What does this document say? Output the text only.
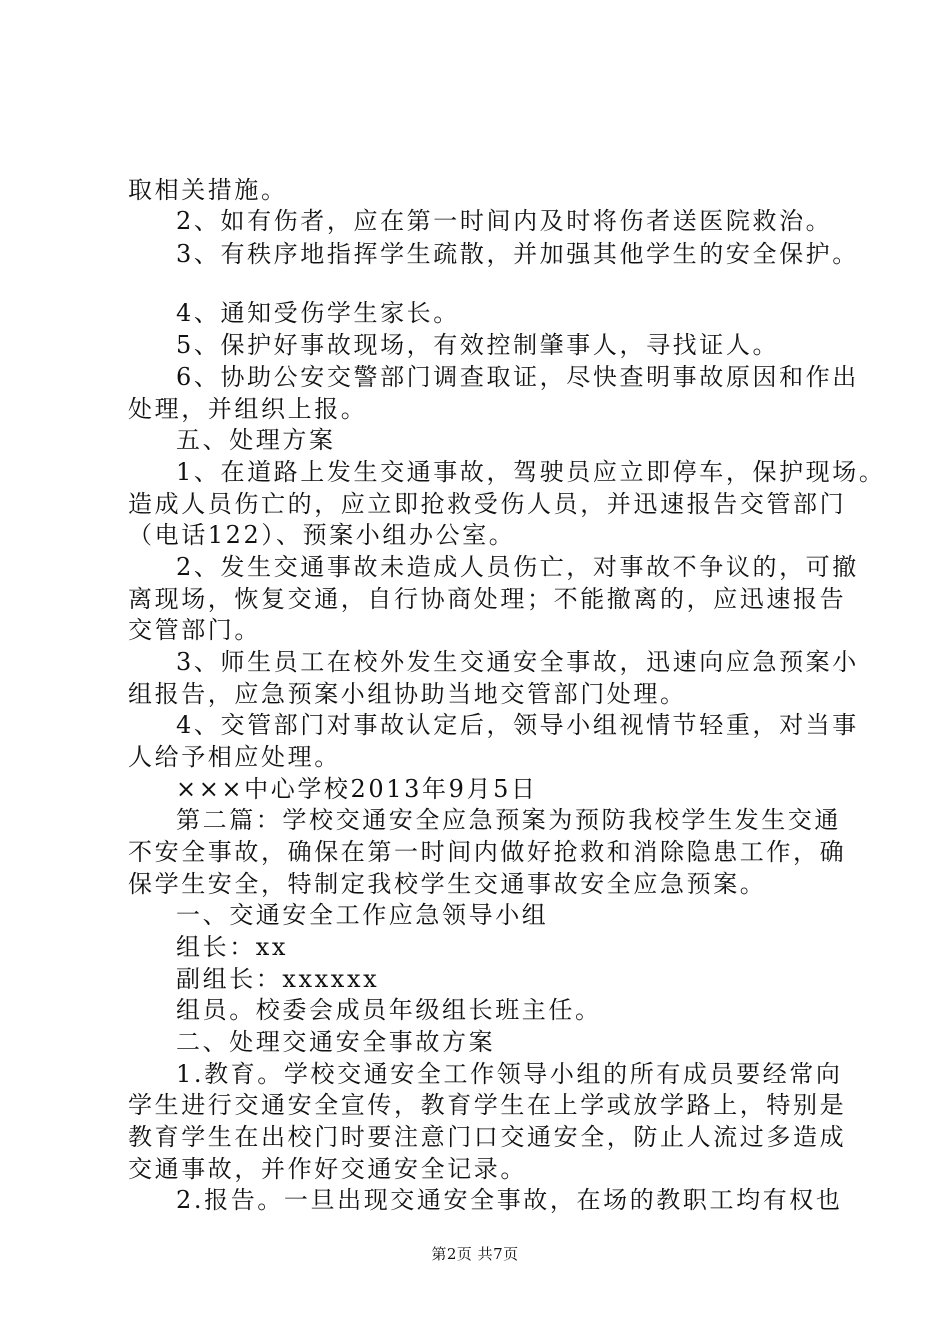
取相关措施。
2、如有伤者，应在第一时间内及时将伤者送医院救治。
3、有秩序地指挥学生疏散，并加强其他学生的安全保护。
4、通知受伤学生家长。
5、保护好事故现场，有效控制肇事人，寻找证人。
6、协助公安交警部门调查取证，尽快查明事故原因和作出
处理，并组织上报。
五、处理方案
1、在道路上发生交通事故，驾驶员应立即停车，保护现场。
造成人员伤亡的，应立即抢救受伤人员，并迅速报告交管部门
（电话122）、预案小组办公室。
2、发生交通事故未造成人员伤亡，对事故不争议的，可撤
离现场，恢复交通，自行协商处理；不能撤离的，应迅速报告
交管部门。
3、师生员工在校外发生交通安全事故，迅速向应急预案小
组报告，应急预案小组协助当地交管部门处理。
4、交管部门对事故认定后，领导小组视情节轻重，对当事
人给予相应处理。
×××中心学校2013年9月5日
第二篇：学校交通安全应急预案为预防我校学生发生交通
不安全事故，确保在第一时间内做好抢救和消除隐患工作，确
保学生安全，特制定我校学生交通事故安全应急预案。
一、交通安全工作应急领导小组
组长：xx
副组长：xxxxxx
组员。校委会成员年级组长班主任。
二、处理交通安全事故方案
1.教育。学校交通安全工作领导小组的所有成员要经常向
学生进行交通安全宣传，教育学生在上学或放学路上，特别是
教育学生在出校门时要注意门口交通安全，防止人流过多造成
交通事故，并作好交通安全记录。
2.报告。一旦出现交通安全事故，在场的教职工均有权也
第2页 共7页
